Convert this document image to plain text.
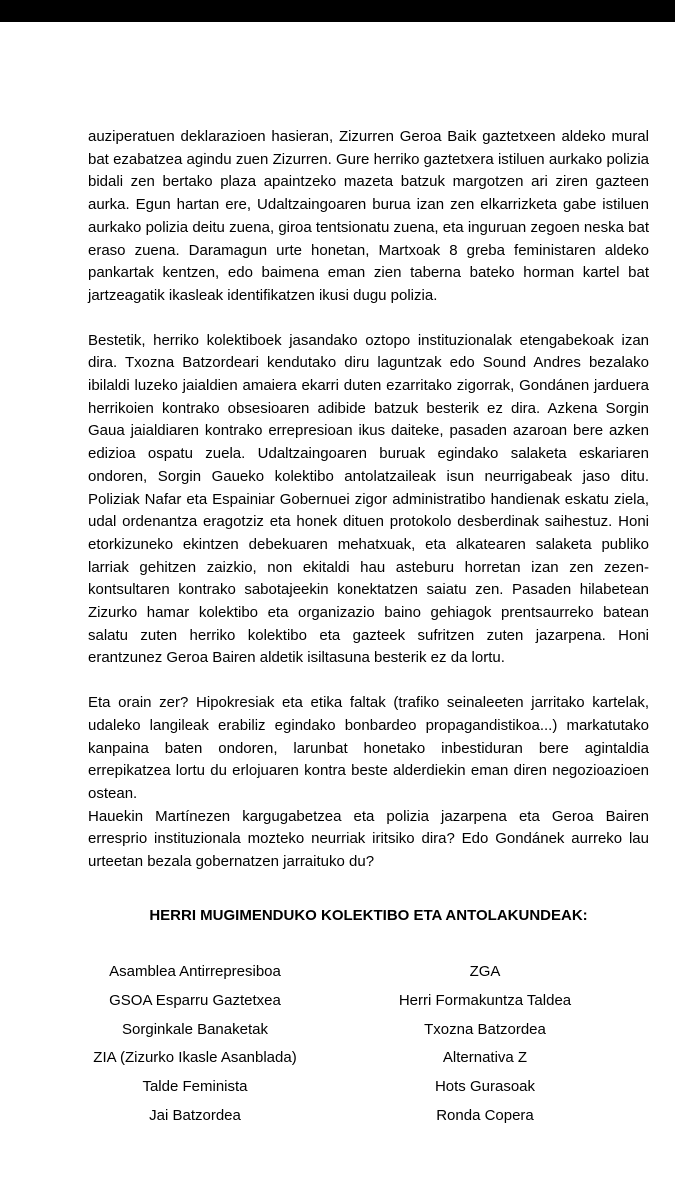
auziperatuen deklarazioen hasieran, Zizurren Geroa Baik gaztetxeen aldeko mural bat ezabatzea agindu zuen Zizurren. Gure herriko gaztetxera istiluen aurkako polizia bidali zen bertako plaza apaintzeko mazeta batzuk margotzen ari ziren gazteen aurka. Egun hartan ere, Udaltzaingoaren burua izan zen elkarrizketa gabe istiluen aurkako polizia deitu zuena, giroa tentsionatu zuena, eta inguruan zegoen neska bat eraso zuena. Daramagun urte honetan, Martxoak 8 greba feministaren aldeko pankartak kentzen, edo baimena eman zien taberna bateko horman kartel bat jartzeagatik ikasleak identifikatzen ikusi dugu polizia.

Bestetik, herriko kolektiboek jasandako oztopo instituzionalak etengabekoak izan dira. Txozna Batzordeari kendutako diru laguntzak edo Sound Andres bezalako ibilaldi luzeko jaialdien amaiera ekarri duten ezarritako zigorrak, Gondánen jarduera herrikoien kontrako obsesioaren adibide batzuk besterik ez dira. Azkena Sorgin Gaua jaialdiaren kontrako errepresioan ikus daiteke, pasaden azaroan bere azken edizioa ospatu zuela. Udaltzaingoaren buruak egindako salaketa eskariaren ondoren, Sorgin Gaueko kolektibo antolatzaileak isun neurrigabeak jaso ditu. Poliziak Nafar eta Espainiar Gobernuei zigor administratibo handienak eskatu ziela, udal ordenantza eragotziz eta honek dituen protokolo desberdinak saihestuz. Honi etorkizuneko ekintzen debekuaren mehatxuak, eta alkatearen salaketa publiko larriak gehitzen zaizkio, non ekitaldi hau asteburu horretan izan zen zezen-kontsultaren kontrako sabotajeekin konektatzen saiatu zen. Pasaden hilabetean Zizurko hamar kolektibo eta organizazio baino gehiagok prentsaurreko batean salatu zuten herriko kolektibo eta gazteek sufritzen zuten jazarpena. Honi erantzunez Geroa Bairen aldetik isiltasuna besterik ez da lortu.

Eta orain zer? Hipokresiak eta etika faltak (trafiko seinaleeten jarritako kartelak, udaleko langileak erabiliz egindako bonbardeo propagandistikoa...) markatutako kanpaina baten ondoren, larunbat honetako inbestiduran bere agintaldia errepikatzea lortu du erlojuaren kontra beste alderdiekin eman diren negozioazioen ostean.

Hauekin Martínezen kargugabetzea eta polizia jazarpena eta Geroa Bairen erresprio instituzionala mozteko neurriak iritsiko dira? Edo Gondánek aurreko lau urteetan bezala gobernatzen jarraituko du?

HERRI MUGIMENDUKO KOLEKTIBO ETA ANTOLAKUNDEAK:

Asamblea Antirrepresiboa
GSOA Esparru Gaztetxea
Sorginkale Banaketak
ZIA (Zizurko Ikasle Asanblada)
Talde Feminista
Jai Batzordea
ZGA
Herri Formakuntza Taldea
Txozna Batzordea
Alternativa Z
Hots Gurasoak
Ronda Copera
